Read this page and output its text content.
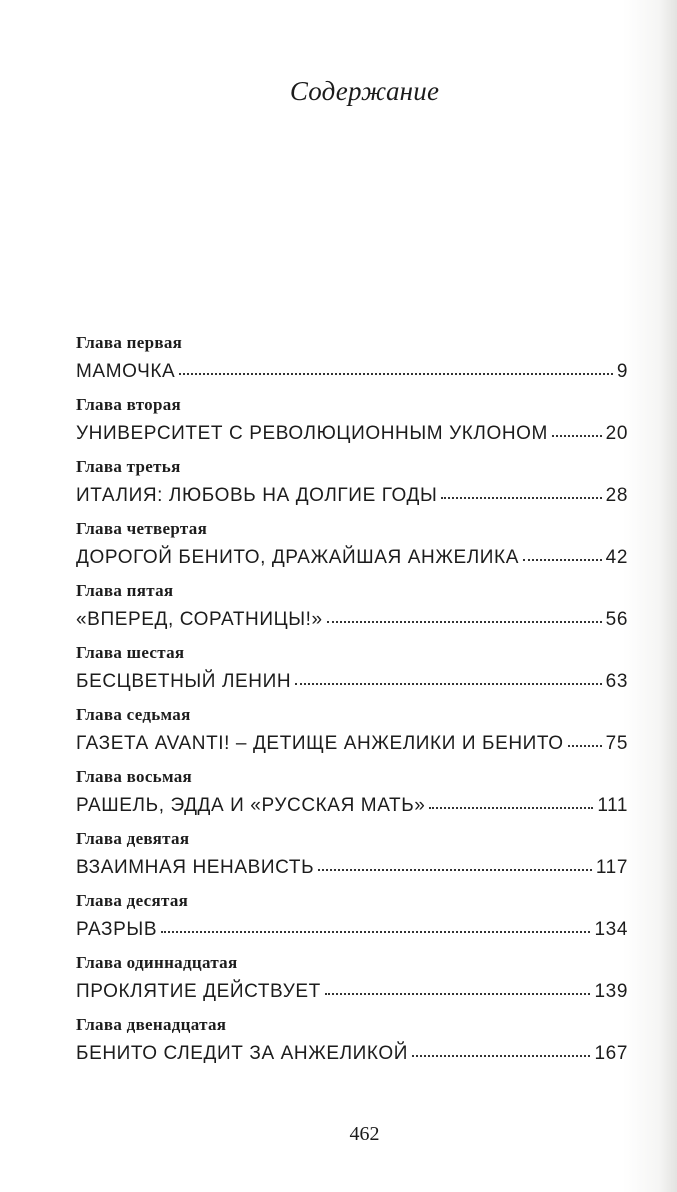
Содержание
Глава первая
МАМОЧКА	9
Глава вторая
УНИВЕРСИТЕТ С РЕВОЛЮЦИОННЫМ УКЛОНОМ	20
Глава третья
ИТАЛИЯ: ЛЮБОВЬ НА ДОЛГИЕ ГОДЫ	28
Глава четвертая
ДОРОГОЙ БЕНИТО, ДРАЖАЙШАЯ АНЖЕЛИКА	42
Глава пятая
«ВПЕРЕД, СОРАТНИЦЫ!»	56
Глава шестая
БЕСЦВЕТНЫЙ ЛЕНИН	63
Глава седьмая
ГАЗЕТА AVANTI! – ДЕТИЩЕ АНЖЕЛИКИ И БЕНИТО 75
Глава восьмая
РАШЕЛЬ, ЭДДА И «РУССКАЯ МАТЬ»	111
Глава девятая
ВЗАИМНАЯ НЕНАВИСТЬ	117
Глава десятая
РАЗРЫВ	134
Глава одиннадцатая
ПРОКЛЯТИЕ ДЕЙСТВУЕТ	139
Глава двенадцатая
БЕНИТО СЛЕДИТ ЗА АНЖЕЛИКОЙ	167
462
